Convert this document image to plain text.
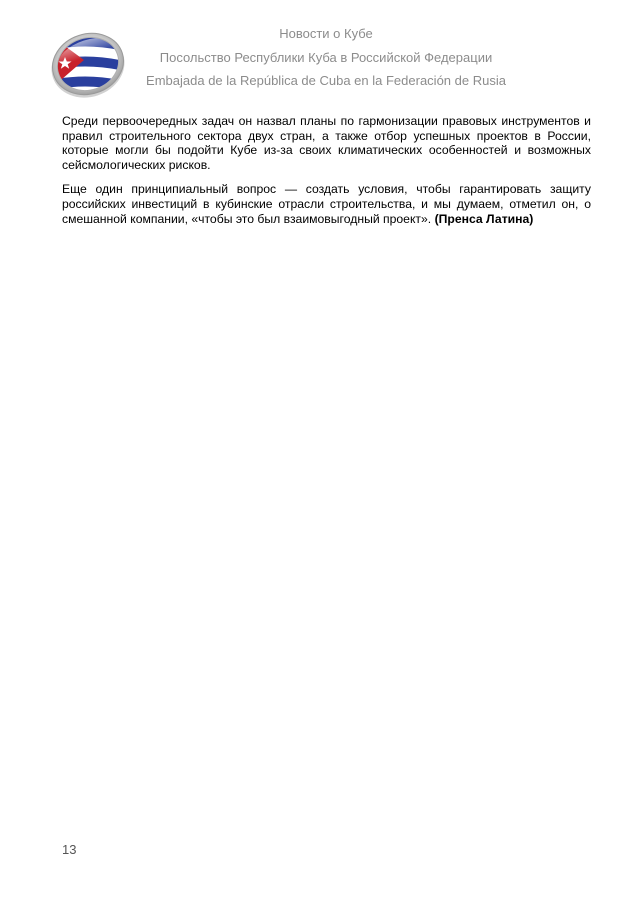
Новости о Кубе
Посольство Республики Куба в Российской Федерации
Embajada de la República de Cuba en la Federación de Rusia

Среди первоочередных задач он назвал планы по гармонизации правовых инструментов и правил строительного сектора двух стран, а также отбор успешных проектов в России, которые могли бы подойти Кубе из-за своих климатических особенностей и возможных сейсмологических рисков.

Еще один принципиальный вопрос — создать условия, чтобы гарантировать защиту российских инвестиций в кубинские отрасли строительства, и мы думаем, отметил он, о смешанной компании, «чтобы это был взаимовыгодный проект». (Пренса Латина)

13
